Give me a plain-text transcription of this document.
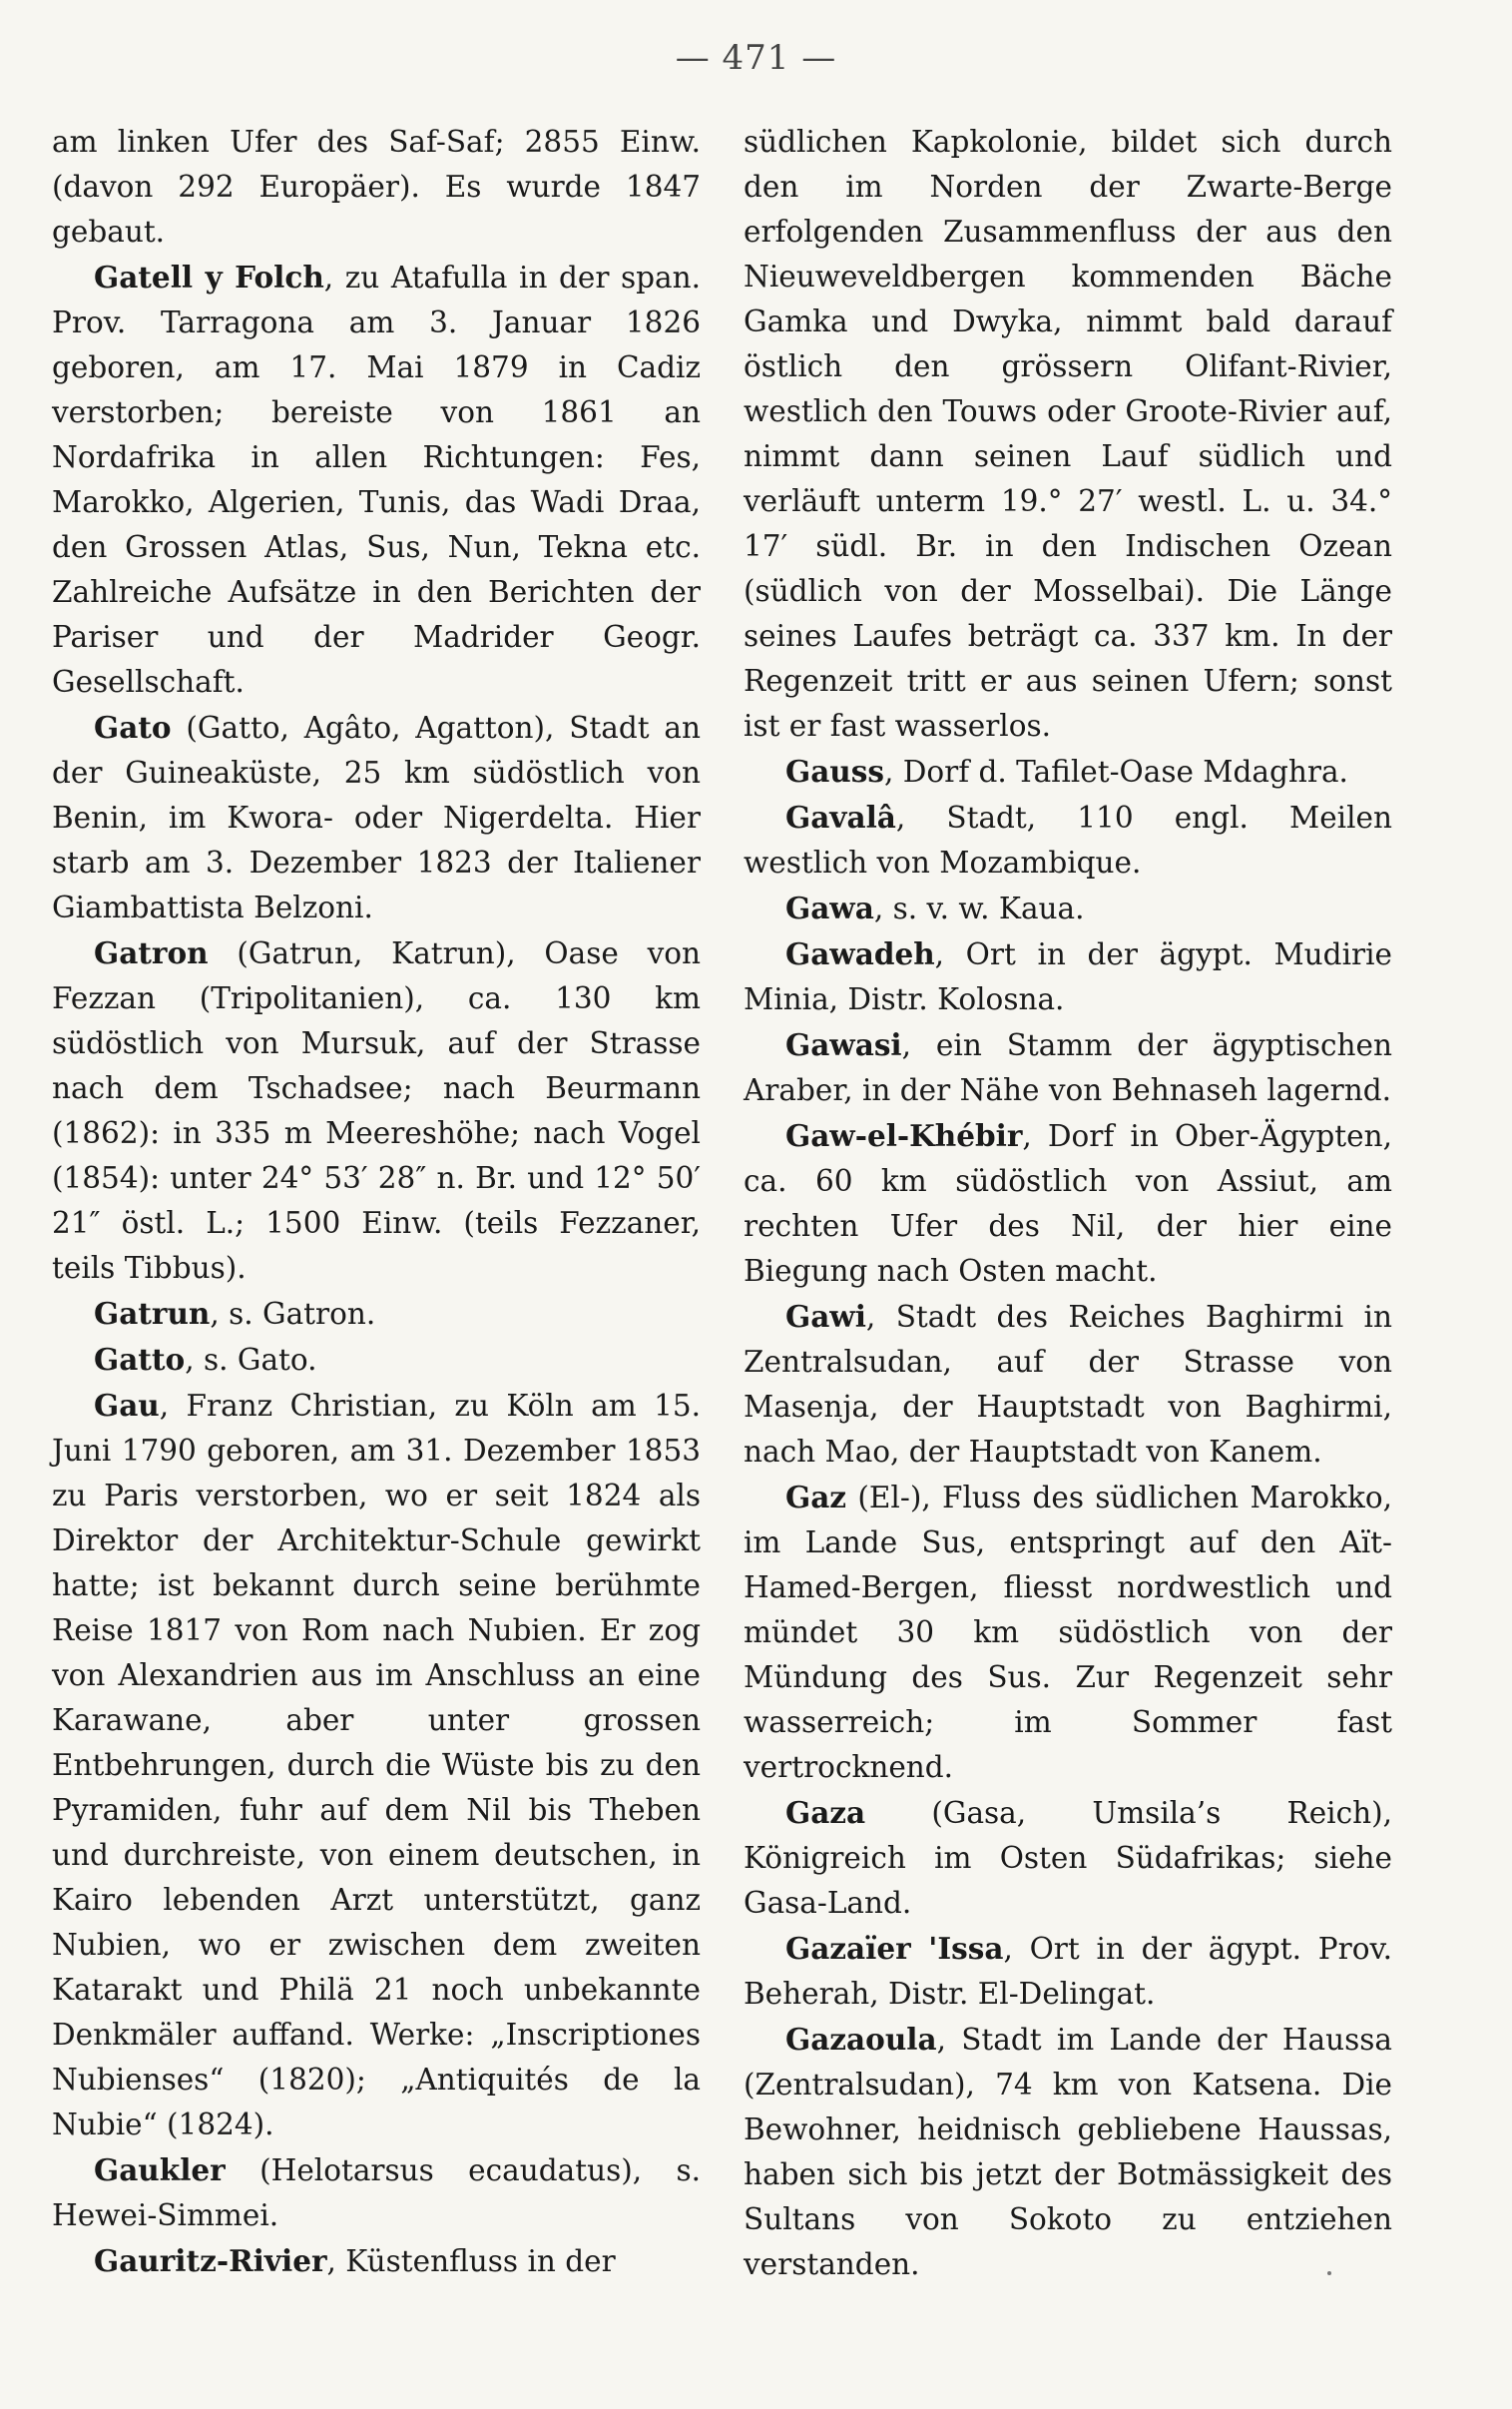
— 471 —

am linken Ufer des Saf-Saf; 2855 Einw. (davon 292 Europäer). Es wurde 1847 gebaut.

Gatell y Folch, zu Atafulla in der span. Prov. Tarragona am 3. Januar 1826 geboren, am 17. Mai 1879 in Cadiz verstorben; bereiste von 1861 an Nordafrika in allen Richtungen: Fes, Marokko, Algerien, Tunis, das Wadi Draa, den Grossen Atlas, Sus, Nun, Tekna etc. Zahlreiche Aufsätze in den Berichten der Pariser und der Madrider Geogr. Gesellschaft.

Gato (Gatto, Agâto, Agatton), Stadt an der Guineaküste, 25 km südöstlich von Benin, im Kwora- oder Nigerdelta. Hier starb am 3. Dezember 1823 der Italiener Giambattista Belzoni.

Gatron (Gatrun, Katrun), Oase von Fezzan (Tripolitanien), ca. 130 km südöstlich von Mursuk, auf der Strasse nach dem Tschadsee; nach Beurmann (1862): in 335 m Meereshöhe; nach Vogel (1854): unter 24° 53′ 28″ n. Br. und 12° 50′ 21″ östl. L.; 1500 Einw. (teils Fezzaner, teils Tibbus).

Gatrun, s. Gatron.

Gatto, s. Gato.

Gau, Franz Christian, zu Köln am 15. Juni 1790 geboren, am 31. Dezember 1853 zu Paris verstorben, wo er seit 1824 als Direktor der Architektur-Schule gewirkt hatte; ist bekannt durch seine berühmte Reise 1817 von Rom nach Nubien. Er zog von Alexandrien aus im Anschluss an eine Karawane, aber unter grossen Entbehrungen, durch die Wüste bis zu den Pyramiden, fuhr auf dem Nil bis Theben und durchreiste, von einem deutschen, in Kairo lebenden Arzt unterstützt, ganz Nubien, wo er zwischen dem zweiten Katarakt und Philä 21 noch unbekannte Denkmäler auffand. Werke: „Inscriptiones Nubienses“ (1820); „Antiquités de la Nubie“ (1824).

Gaukler (Helotarsus ecaudatus), s. Hewei-Simmei.

Gauritz-Rivier, Küstenfluss in der

südlichen Kapkolonie, bildet sich durch den im Norden der Zwarte-Berge erfolgenden Zusammenfluss der aus den Nieuweveldbergen kommenden Bäche Gamka und Dwyka, nimmt bald darauf östlich den grössern Olifant-Rivier, westlich den Touws oder Groote-Rivier auf, nimmt dann seinen Lauf südlich und verläuft unterm 19.° 27′ westl. L. u. 34.° 17′ südl. Br. in den Indischen Ozean (südlich von der Mosselbai). Die Länge seines Laufes beträgt ca. 337 km. In der Regenzeit tritt er aus seinen Ufern; sonst ist er fast wasserlos.

Gauss, Dorf d. Tafilet-Oase Mdaghra.

Gavalâ, Stadt, 110 engl. Meilen westlich von Mozambique.

Gawa, s. v. w. Kaua.

Gawadeh, Ort in der ägypt. Mudirie Minia, Distr. Kolosna.

Gawasi, ein Stamm der ägyptischen Araber, in der Nähe von Behnaseh lagernd.

Gaw-el-Khébir, Dorf in Ober-Ägypten, ca. 60 km südöstlich von Assiut, am rechten Ufer des Nil, der hier eine Biegung nach Osten macht.

Gawi, Stadt des Reiches Baghirmi in Zentralsudan, auf der Strasse von Masenja, der Hauptstadt von Baghirmi, nach Mao, der Hauptstadt von Kanem.

Gaz (El-), Fluss des südlichen Marokko, im Lande Sus, entspringt auf den Aït-Hamed-Bergen, fliesst nordwestlich und mündet 30 km südöstlich von der Mündung des Sus. Zur Regenzeit sehr wasserreich; im Sommer fast vertrocknend.

Gaza (Gasa, Umsila’s Reich), Königreich im Osten Südafrikas; siehe Gasa-Land.

Gazaïer 'Issa, Ort in der ägypt. Prov. Beherah, Distr. El-Delingat.

Gazaoula, Stadt im Lande der Haussa (Zentralsudan), 74 km von Katsena. Die Bewohner, heidnisch gebliebene Haussas, haben sich bis jetzt der Botmässigkeit des Sultans von Sokoto zu entziehen verstanden.
